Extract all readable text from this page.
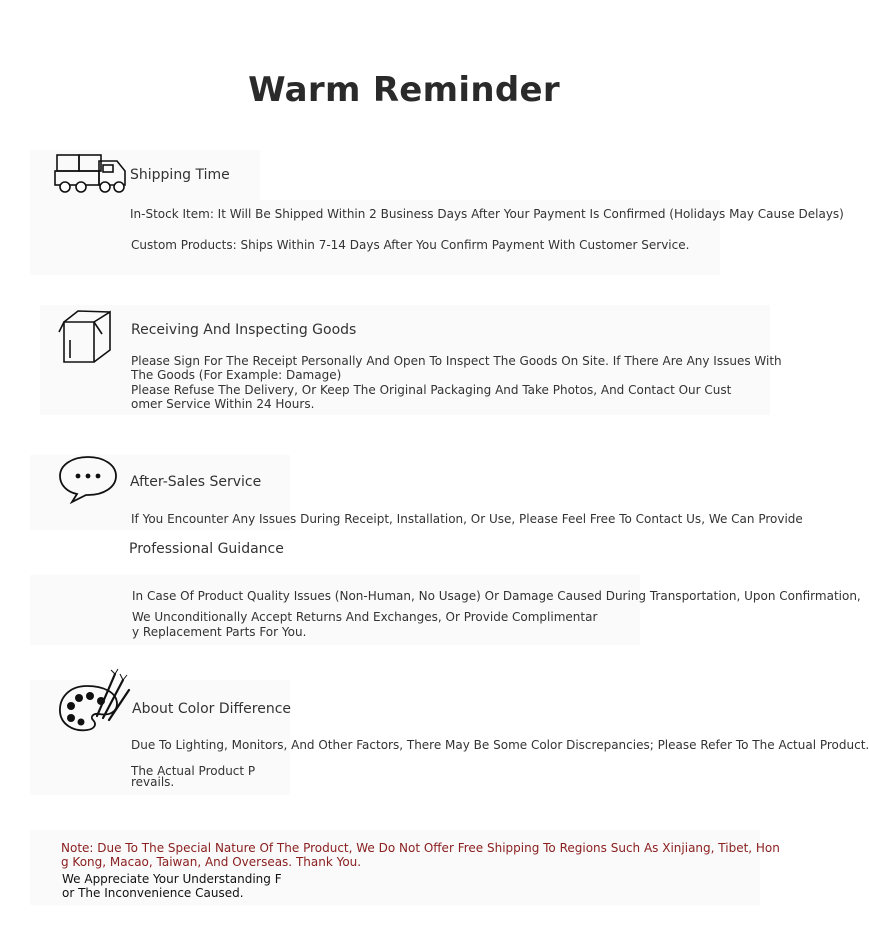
Warm Reminder
Shipping Time
In-Stock Item: It Will Be Shipped Within 2 Business Days After Your Payment Is Confirmed (Holidays May Cause Delays)
Custom Products: Ships Within 7-14 Days After You Confirm Payment With Customer Service.
Receiving And Inspecting Goods
Please Sign For The Receipt Personally And Open To Inspect The Goods On Site. If There Are Any Issues With
The Goods (For Example: Damage)
Please Refuse The Delivery, Or Keep The Original Packaging And Take Photos, And Contact Our Cust
omer Service Within 24 Hours.
After-Sales Service
If You Encounter Any Issues During Receipt, Installation, Or Use, Please Feel Free To Contact Us, We Can Provide
Professional Guidance
In Case Of Product Quality Issues (Non-Human, No Usage) Or Damage Caused During Transportation, Upon Confirmation,
We Unconditionally Accept Returns And Exchanges, Or Provide Complimentar
y Replacement Parts For You.
About Color Difference
Due To Lighting, Monitors, And Other Factors, There May Be Some Color Discrepancies; Please Refer To The Actual Product.
The Actual Product P
revails.
Note: Due To The Special Nature Of The Product, We Do Not Offer Free Shipping To Regions Such As Xinjiang, Tibet, Hon
g Kong, Macao, Taiwan, And Overseas. Thank You.
We Appreciate Your Understanding F
or The Inconvenience Caused.
